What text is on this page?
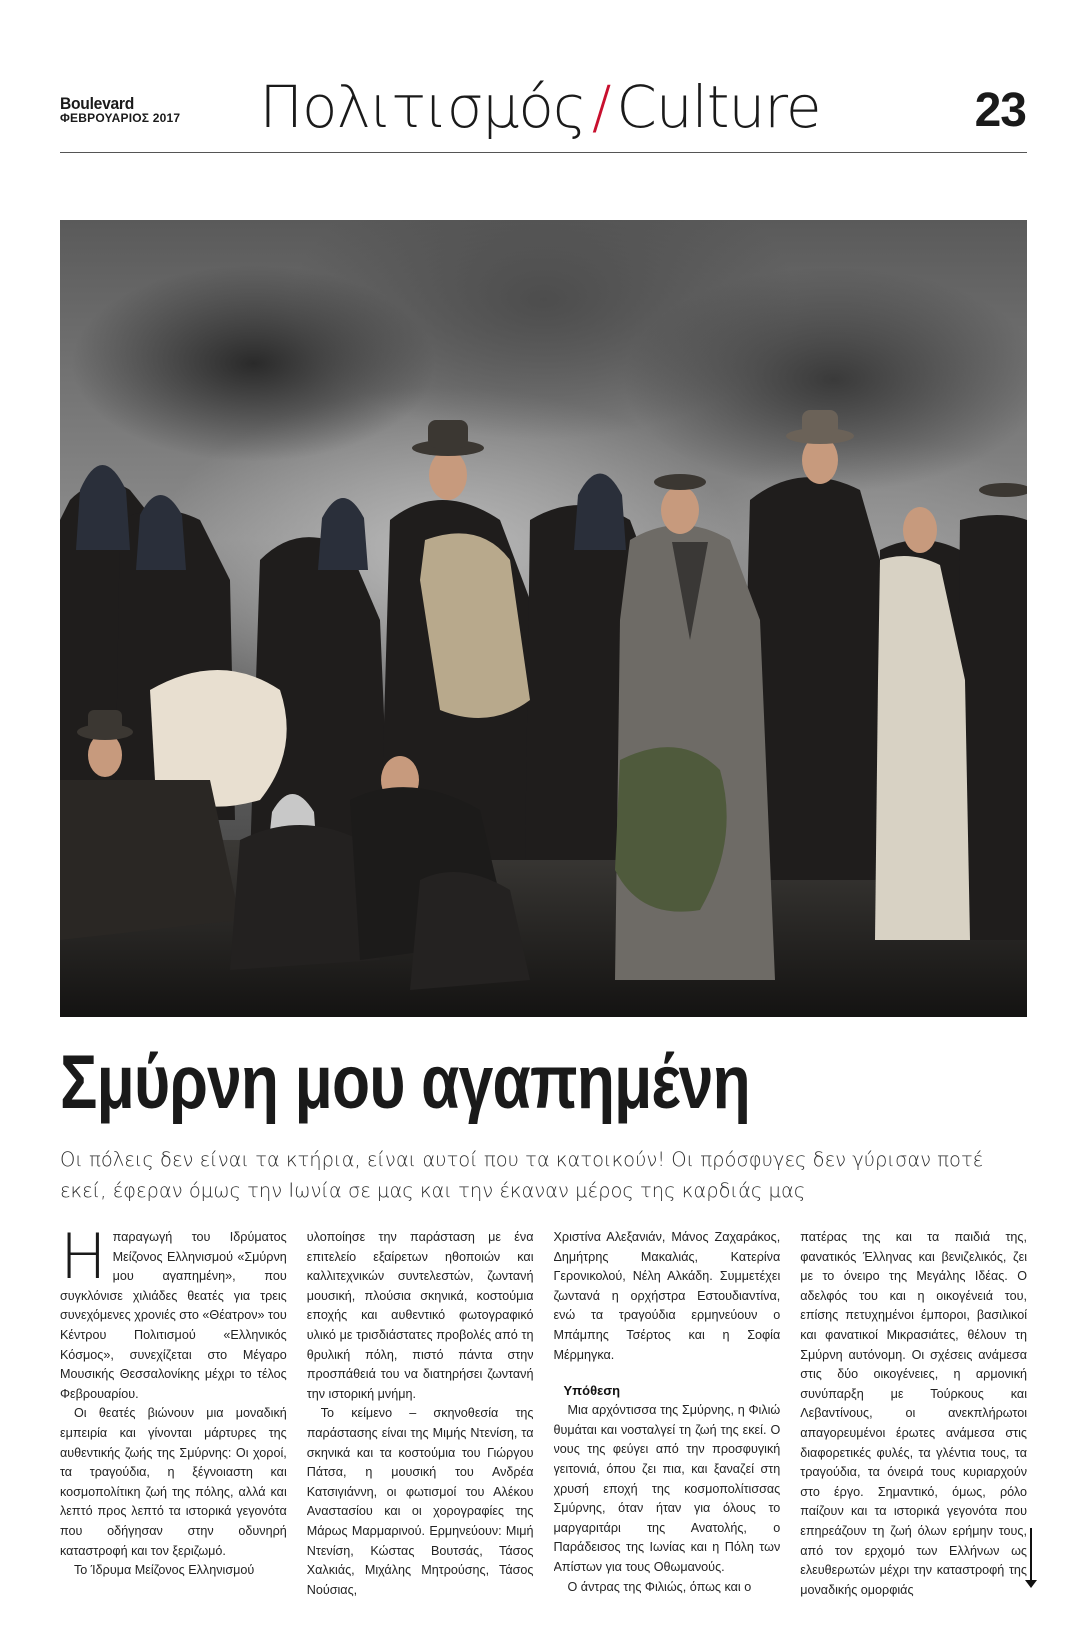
Boulevard
ΦΕΒΡΟΥΑΡΙΟΣ 2017	Πολιτισμός / Culture	23
Σμύρνη μου αγαπημένη
Οι πόλεις δεν είναι τα κτήρια, είναι αυτοί που τα κατοικούν! Οι πρόσφυγες δεν γύρισαν ποτέ εκεί, έφεραν όμως την Ιωνία σε μας και την έκαναν μέρος της καρδιάς μας
Η παραγωγή του Ιδρύματος Μείζονος Ελληνισμού «Σμύρνη μου αγαπημένη», που συγκλόνισε χιλιάδες θεατές για τρεις συνεχόμενες χρονιές στο «Θέατρον» του Κέντρου Πολιτισμού «Ελληνικός Κόσμος», συνεχίζεται στο Μέγαρο Μουσικής Θεσσαλονίκης μέχρι το τέλος Φεβρουαρίου.

Οι θεατές βιώνουν μια μοναδική εμπειρία και γίνονται μάρτυρες της αυθεντικής ζωής της Σμύρνης: Οι χοροί, τα τραγούδια, η ξέγνοιαστη και κοσμοπολίτικη ζωή της πόλης, αλλά και λεπτό προς λεπτό τα ιστορικά γεγονότα που οδήγησαν στην οδυνηρή καταστροφή και τον ξεριζωμό.

Το Ίδρυμα Μείζονος Ελληνισμού

υλοποίησε την παράσταση με ένα επιτελείο εξαίρετων ηθοποιών και καλλιτεχνικών συντελεστών, ζωντανή μουσική, πλούσια σκηνικά, κοστούμια εποχής και αυθεντικό φωτογραφικό υλικό με τρισδιάστατες προβολές από τη θρυλική πόλη, πιστό πάντα στην προσπάθειά του να διατηρήσει ζωντανή την ιστορική μνήμη.

Το κείμενο – σκηνοθεσία της παράστασης είναι της Μιμής Ντενίση, τα σκηνικά και τα κοστούμια του Γιώργου Πάτσα, η μουσική του Ανδρέα Κατσιγιάννη, οι φωτισμοί του Αλέκου Αναστασίου και οι χορογραφίες της Μάρως Μαρμαρινού. Ερμηνεύουν: Μιμή Ντενίση, Κώστας Βουτσάς, Τάσος Χαλκιάς, Μιχάλης Μητρούσης, Τάσος Νούσιας,

Χριστίνα Αλεξανιάν, Μάνος Ζαχαράκος, Δημήτρης Μακαλιάς, Κατερίνα Γερονικολού, Νέλη Αλκάδη. Συμμετέχει ζωντανά η ορχήστρα Εστουδιαντίνα, ενώ τα τραγούδια ερμηνεύουν ο Μπάμπης Τσέρτος και η Σοφία Μέρμηγκα.

Υπόθεση

Μια αρχόντισσα της Σμύρνης, η Φιλιώ θυμάται και νοσταλγεί τη ζωή της εκεί. Ο νους της φεύγει από την προσφυγική γειτονιά, όπου ζει πια, και ξαναζεί στη χρυσή εποχή της κοσμοπολίτισσας Σμύρνης, όταν ήταν για όλους το μαργαριτάρι της Ανατολής, ο Παράδεισος της Ιωνίας και η Πόλη των Απίστων για τους Οθωμανούς.

Ο άντρας της Φιλιώς, όπως και ο

πατέρας της και τα παιδιά της, φανατικός Έλληνας και βενιζελικός, ζει με το όνειρο της Μεγάλης Ιδέας. Ο αδελφός του και η οικογένειά του, επίσης πετυχημένοι έμποροι, βασιλικοί και φανατικοί Μικρασιάτες, θέλουν τη Σμύρνη αυτόνομη. Οι σχέσεις ανάμεσα στις δύο οικογένειες, η αρμονική συνύπαρξη με Τούρκους και Λεβαντίνους, οι ανεκπλήρωτοι απαγορευμένοι έρωτες ανάμεσα στις διαφορετικές φυλές, τα γλέντια τους, τα τραγούδια, τα όνειρά τους κυριαρχούν στο έργο. Σημαντικό, όμως, ρόλο παίζουν και τα ιστορικά γεγονότα που επηρεάζουν τη ζωή όλων ερήμην τους, από τον ερχομό των Ελλήνων ως ελευθερωτών μέχρι την καταστροφή της μοναδικής ομορφιάς
